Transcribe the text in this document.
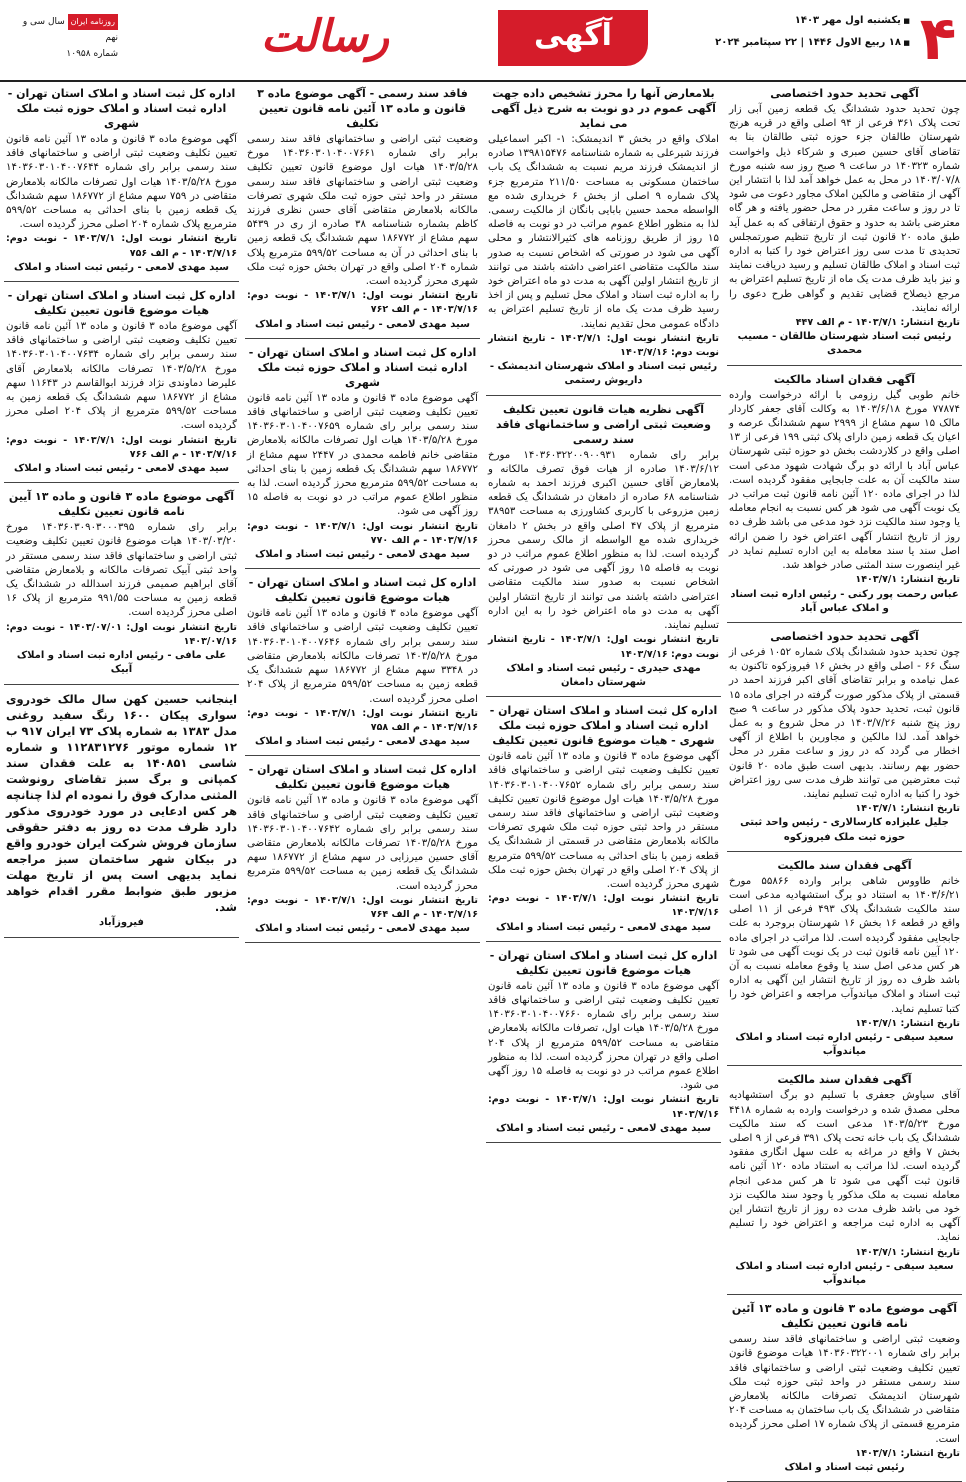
۴
■ یکشنبه اول مهر ۱۴۰۳
■ ۱۸ ربیع الاول ۱۴۴۶ | ۲۲ سپتامبر ۲۰۲۴
آگهی
رسالت
روزنامه ایران سال سی و نهم
شماره ۱۰۹۵۸
آگهی تحدید حدود اختصاصی
چون تحدید حدود ششدانگ یک قطعه زمین آبی زار تحت پلاک ۳۶۱ فرعی از ۹۴ اصلی واقع در قریه هرنج شهرستان طالقان جزء حوزه ثبتی طالقان بنا به تقاضای آقای حسین صبری و شرکاء ذیل واخواست شماره ۱۴۰۳۲۳ در ساعت ۹ صبح روز سه شنبه مورخ ۱۴۰۳/۰۷/۸ در محل به عمل خواهد آمد لذا با انتشار این آگهی از متقاضی و مالکین املاک مجاور دعوت می شود تا در روز و ساعت مقرر در محل حضور یافته و هر گاه معترضی باشد به حدود و حقوق ارتفاقی که به عمل آید طبق ماده ۲۰ قانون ثبت از تاریخ تنظیم صورتمجلس تحدیدی تا مدت سی روز اعتراض خود را کتبا به اداره ثبت اسناد و املاک طالقان تسلیم و رسید دریافت نمایند و نیز باید ظرف مدت یک ماه از تاریخ تسلیم اعتراض به مرجع ذیصلاح قضایی تقدیم و گواهی طرح دعوی را ارائه نمایند.
تاریخ انتشار: ۱۴۰۳/۷/۱ - م الف ۴۴۷
رئیس ثبت اسناد شهرستان طالقان - مسیب محمدی
آگهی فقدان اسناد مالکیت
خانم طوبی گیل رزومی با ارائه درخواست وارده ۷۷۸۷۴ مورخ ۱۴۰۳/۶/۱۸ به وکالت آقای جعفر کاردار مالک ۱۵ سهم مشاع از ۲۹۹۹ سهم ششدانگ عرصه و اعیان یک قطعه زمین دارای پلاک ثبتی ۱۹۹ فرعی از ۱۳ اصلی واقع در کلاردشت بخش دو حوزه ثبتی شهرستان عباس آباد با ارائه دو برگ شهادت شهود مدعی است سند مالکیت آن به علت جابجایی مفقود گردیده است. لذا در اجرای ماده ۱۲۰ آئین نامه قانون ثبت مراتب در یک نوبت آگهی می شود هر کس نسبت به انجام معامله یا وجود سند مالکیت نزد خود مدعی می باشد ظرف ده روز از تاریخ انتشار آگهی اعتراض خود را ضمن ارائه اصل سند یا سند معامله به این اداره تسلیم نماید در غیر اینصورت سند المثنی صادر خواهد شد.
تاریخ انتشار: ۱۴۰۳/۷/۱
عباس رحمت پور رکنی - رئیس اداره ثبت اسناد و املاک عباس آباد
آگهی تحدید حدود اختصاصی
چون تحدید حدود ششدانگ پلاک شماره ۱۰۵۲ فرعی از سنگ ۶۶ - اصلی واقع در بخش ۱۶ فیروزکوه تاکنون به عمل نیامده و برابر تقاضای آقای اکبر فرزند احمد در قسمتی از پلاک مذکور صورت گرفته در اجرای ماده ۱۵ قانون ثبت، تحدید حدود پلاک مذکور در ساعت ۹ صبح روز پنج شنبه ۱۴۰۳/۷/۲۶ در محل شروع و به عمل خواهد آمد. لذا مالکین و مجاورین با اطلاع از آگهی اخطار می گردد که در روز و ساعت مقرر در محل حضور بهم رسانند. بدیهی است طبق ماده ۲۰ قانون ثبت معترضین می توانند ظرف مدت سی روز اعتراض خود را کتبا به اداره ثبت تسلیم نمایند.
تاریخ انتشار: ۱۴۰۳/۷/۱
جلیل علیزاده کارسالاری - رئیس واحد ثبتی حوزه ثبت ملک فیروزکوه
آگهی فقدان سند مالکیت
خانم طاووس شاهی برابر وارده ۵۵۸۶۶ مورخ ۱۴۰۳/۶/۲۱ به استناد دو برگ استشهادیه مدعی است سند مالکیت ششدانگ پلاک ۴۹۳ فرعی از ۱۱ اصلی واقع در قطعه ۱۶ بخش ۱۶ شهرستان بروجرد به علت جابجایی مفقود گردیده است. لذا مراتب در اجرای ماده ۱۲۰ آیین نامه قانون ثبت در یک نوبت آگهی می شود تا هر کس مدعی اصل سند یا وقوع معامله نسبت به آن باشد ظرف ده روز از تاریخ انتشار این آگهی به اداره ثبت اسناد و املاک میاندوآب مراجعه و اعتراض خود را کتبا تسلیم نماید.
تاریخ انتشار: ۱۴۰۳/۷/۱
سعید سیفی - رئیس اداره ثبت اسناد و املاک میاندوآب
آگهی فقدان سند مالکیت
آقای سیاوش جعفری با تسلیم دو برگ استشهادیه محلی مصدق شده و درخواست وارده به شماره ۴۴۱۸ مورخ ۱۴۰۳/۵/۲۳ مدعی است که سند مالکیت ششدانگ یک باب خانه تحت پلاک ۳۹۱ فرعی از ۹ اصلی بخش ۷ واقع در مراغه به علت سهل انگاری مفقود گردیده است. لذا مراتب به استناد ماده ۱۲۰ آئین نامه قانون ثبت آگهی می شود تا هر کس مدعی انجام معامله نسبت به ملک مذکور یا وجود سند مالکیت نزد خود می باشد ظرف مدت ده روز از تاریخ انتشار این آگهی به اداره ثبت مراجعه و اعتراض خود را تسلیم نماید.
تاریخ انتشار: ۱۴۰۳/۷/۱
سعید سیفی - رئیس اداره ثبت اسناد و املاک میاندوآب
آگهی موضوع ماده ۳ قانون و ماده ۱۳ آئین نامه قانون تعیین تکلیف
وضعیت ثبتی اراضی و ساختمانهای فاقد سند رسمی برابر رای شماره ۱۴۰۳۶۰۳۲۲۰۰۱ هیات موضوع قانون تعیین تکلیف وضعیت ثبتی اراضی و ساختمانهای فاقد سند رسمی مستقر در واحد ثبتی حوزه ثبت ملک شهرستان اندیمشک تصرفات مالکانه بلامعارض متقاضی در ششدانگ یک باب ساختمان به مساحت ۲۰۴ مترمربع قسمتی از پلاک شماره ۱۷ اصلی محرز گردیده است.
تاریخ انتشار: ۱۴۰۳/۷/۱
رئیس ثبت اسناد و املاک
بلامعارض آنها را محرز تشخیص داده جهت آگهی عموم در دو نوبت به شرح ذیل آگهی می نماید
املاک واقع در بخش ۳ اندیمشک: ۱- اکبر اسماعیلی فرزند شیرعلی به شماره شناسنامه ۱۳۹۸۱۵۴۷۶ صادره از اندیمشک فرزند مریم نسبت به ششدانگ یک باب ساختمان مسکونی به مساحت ۲۱۱/۵۰ مترمربع جزء پلاک شماره ۹ اصلی از بخش ۶ خریداری شده مع الواسطه محمد حسین بابایی بانگان از مالکیت رسمی. لذا به منظور اطلاع عموم مراتب در دو نوبت به فاصله ۱۵ روز از طریق روزنامه های کثیرالانتشار و محلی آگهی می شود در صورتی که اشخاص نسبت به صدور سند مالکیت متقاضی اعتراضی داشته باشند می توانند از تاریخ انتشار اولین آگهی به مدت دو ماه اعتراض خود را به اداره ثبت اسناد و املاک محل تسلیم و پس از اخذ رسید ظرف مدت یک ماه از تاریخ تسلیم اعتراض به دادگاه عمومی محل تقدیم نمایند.
تاریخ انتشار نوبت اول: ۱۴۰۳/۷/۱ - تاریخ انتشار نوبت دوم: ۱۴۰۳/۷/۱۶
رئیس ثبت اسناد و املاک شهرستان اندیمشک - داریوش رستمی
آگهی نظریه هیات قانون تعیین تکلیف وضعیت ثبتی اراضی و ساختمانهای فاقد سند رسمی
برابر رای شماره ۱۴۰۳۶۰۳۲۲۰۰۹۰۰۹۳۱ مورخ ۱۴۰۳/۶/۱۲ صادره از هیات فوق تصرف مالکانه و بلامعارض آقای حسین اکبری فرزند احمد به شماره شناسنامه ۶۸ صادره از دامغان در ششدانگ یک قطعه زمین مزروعی با کاربری کشاورزی به مساحت ۳۸۹۵۳ مترمربع از پلاک ۴۷ اصلی واقع در بخش ۲ دامغان خریداری شده مع الواسطه از مالک رسمی محرز گردیده است. لذا به منظور اطلاع عموم مراتب در دو نوبت به فاصله ۱۵ روز آگهی می شود در صورتی که اشخاص نسبت به صدور سند مالکیت متقاضی اعتراضی داشته باشند می توانند از تاریخ انتشار اولین آگهی به مدت دو ماه اعتراض خود را به این اداره تسلیم نمایند.
تاریخ انتشار نوبت اول: ۱۴۰۳/۷/۱ - تاریخ انتشار نوبت دوم: ۱۴۰۳/۷/۱۶
مهدی حیدری - رئیس ثبت اسناد و املاک شهرستان دامغان
اداره کل ثبت اسناد و املاک استان تهران - اداره ثبت اسناد و املاک حوزه ثبت ملک شهری - هیات موضوع قانون تعیین تکلیف
آگهی موضوع ماده ۳ قانون و ماده ۱۳ آئین نامه قانون تعیین تکلیف وضعیت ثبتی اراضی و ساختمانهای فاقد سند رسمی برابر رای شماره ۱۴۰۳۶۰۳۰۱۰۴۰۰۷۶۵۲ مورخ ۱۴۰۳/۵/۲۸ هیات اول موضوع قانون تعیین تکلیف وضعیت ثبتی اراضی و ساختمانهای فاقد سند رسمی مستقر در واحد ثبتی حوزه ثبت ملک شهری تصرفات مالکانه بلامعارض متقاضی در قسمتی از ششدانگ یک قطعه زمین با بنای احداثی به مساحت ۵۹۹/۵۲ مترمربع از پلاک ۲۰۴ اصلی واقع در تهران بخش حوزه ثبت ملک شهری محرز گردیده است.
تاریخ انتشار نوبت اول: ۱۴۰۳/۷/۱ - نوبت دوم: ۱۴۰۳/۷/۱۶
سید مهدی لامعی - رئیس ثبت اسناد و املاک
اداره کل ثبت اسناد و املاک استان تهران - هیات موضوع قانون تعیین تکلیف
آگهی موضوع ماده ۳ قانون و ماده ۱۳ آئین نامه قانون تعیین تکلیف وضعیت ثبتی اراضی و ساختمانهای فاقد سند رسمی برابر رای شماره ۱۴۰۳۶۰۳۰۱۰۴۰۰۷۶۶۰ مورخ ۱۴۰۳/۵/۲۸ هیات اول، تصرفات مالکانه بلامعارض متقاضی به مساحت ۵۹۹/۵۲ مترمربع از پلاک ۲۰۴ اصلی واقع در تهران محرز گردیده است. لذا به منظور اطلاع عموم مراتب در دو نوبت به فاصله ۱۵ روز آگهی می شود.
تاریخ انتشار نوبت اول: ۱۴۰۳/۷/۱ - نوبت دوم: ۱۴۰۳/۷/۱۶
سید مهدی لامعی - رئیس ثبت اسناد و املاک
فاقد سند رسمی - آگهی موضوع ماده ۳ قانون و ماده ۱۳ آئین نامه قانون تعیین تکلیف
وضعیت ثبتی اراضی و ساختمانهای فاقد سند رسمی برابر رای شماره ۱۴۰۳۶۰۳۰۱۰۴۰۰۷۶۶۱ مورخ ۱۴۰۳/۵/۲۸ هیات اول موضوع قانون تعیین تکلیف وضعیت ثبتی اراضی و ساختمانهای فاقد سند رسمی مستقر در واحد ثبتی حوزه ثبت ملک شهری تصرفات مالکانه بلامعارض متقاضی آقای حسن نظری فرزند کاظم بشماره شناسنامه ۳۸ صادره از ری در ۵۴۳۹ سهم مشاع از ۱۸۶۷۷۲ سهم ششدانگ یک قطعه زمین با بنای احداثی در آن به مساحت ۵۹۹/۵۲ مترمربع پلاک شماره ۲۰۴ اصلی واقع در تهران بخش حوزه ثبت ملک شهری محرز گردیده است.
تاریخ انتشار نوبت اول: ۱۴۰۳/۷/۱ - نوبت دوم: ۱۴۰۳/۷/۱۶ - م الف ۷۶۲
سید مهدی لامعی - رئیس ثبت اسناد و املاک
اداره کل ثبت اسناد و املاک استان تهران - اداره ثبت اسناد و املاک حوزه ثبت ملک شهری
آگهی موضوع ماده ۳ قانون و ماده ۱۳ آئین نامه قانون تعیین تکلیف وضعیت ثبتی اراضی و ساختمانهای فاقد سند رسمی برابر رای شماره ۱۴۰۳۶۰۳۰۱۰۴۰۰۷۶۵۹ مورخ ۱۴۰۳/۵/۲۸ هیات اول تصرفات مالکانه بلامعارض متقاضی خانم فاطمه محمدی در ۲۴۴۷ سهم مشاع از ۱۸۶۷۷۲ سهم ششدانگ یک قطعه زمین با بنای احداثی به مساحت ۵۹۹/۵۲ مترمربع محرز گردیده است. لذا به منظور اطلاع عموم مراتب در دو نوبت به فاصله ۱۵ روز آگهی می شود.
تاریخ انتشار نوبت اول: ۱۴۰۳/۷/۱ - نوبت دوم: ۱۴۰۳/۷/۱۶ - م الف ۷۷۰
سید مهدی لامعی - رئیس ثبت اسناد و املاک
اداره کل ثبت اسناد و املاک استان تهران - هیات موضوع قانون تعیین تکلیف
آگهی موضوع ماده ۳ قانون و ماده ۱۳ آئین نامه قانون تعیین تکلیف وضعیت ثبتی اراضی و ساختمانهای فاقد سند رسمی برابر رای شماره ۱۴۰۳۶۰۳۰۱۰۴۰۰۷۶۴۶ مورخ ۱۴۰۳/۵/۲۸ تصرفات مالکانه بلامعارض متقاضی در ۳۳۴۸ سهم مشاع از ۱۸۶۷۷۲ سهم ششدانگ یک قطعه زمین به مساحت ۵۹۹/۵۲ مترمربع از پلاک ۲۰۴ اصلی محرز گردیده است.
تاریخ انتشار نوبت اول: ۱۴۰۳/۷/۱ - نوبت دوم: ۱۴۰۳/۷/۱۶ - م الف ۷۵۸
سید مهدی لامعی - رئیس ثبت اسناد و املاک
اداره کل ثبت اسناد و املاک استان تهران - هیات موضوع قانون تعیین تکلیف
آگهی موضوع ماده ۳ قانون و ماده ۱۳ آئین نامه قانون تعیین تکلیف وضعیت ثبتی اراضی و ساختمانهای فاقد سند رسمی برابر رای شماره ۱۴۰۳۶۰۳۰۱۰۴۰۰۷۶۴۲ مورخ ۱۴۰۳/۵/۲۸ تصرفات مالکانه بلامعارض متقاضی آقای حسین میرزایی در سهم مشاع از ۱۸۶۷۷۲ سهم ششدانگ یک قطعه زمین به مساحت ۵۹۹/۵۲ مترمربع محرز گردیده است.
تاریخ انتشار نوبت اول: ۱۴۰۳/۷/۱ - نوبت دوم: ۱۴۰۳/۷/۱۶ - م الف ۷۶۴
سید مهدی لامعی - رئیس ثبت اسناد و املاک
اداره کل ثبت اسناد و املاک استان تهران - اداره ثبت اسناد و املاک حوزه ثبت ملک شهری
آگهی موضوع ماده ۳ قانون و ماده ۱۳ آئین نامه قانون تعیین تکلیف وضعیت ثبتی اراضی و ساختمانهای فاقد سند رسمی برابر رای شماره ۱۴۰۳۶۰۳۰۱۰۴۰۰۷۶۴۴ مورخ ۱۴۰۳/۵/۲۸ هیات اول تصرفات مالکانه بلامعارض متقاضی در ۷۵۹ سهم مشاع از ۱۸۶۷۷۲ سهم ششدانگ یک قطعه زمین با بنای احداثی به مساحت ۵۹۹/۵۲ مترمربع پلاک شماره ۲۰۴ اصلی محرز گردیده است.
تاریخ انتشار نوبت اول: ۱۴۰۳/۷/۱ - نوبت دوم: ۱۴۰۳/۷/۱۶ - م الف ۷۵۶
سید مهدی لامعی - رئیس ثبت اسناد و املاک
اداره کل ثبت اسناد و املاک استان تهران - هیات موضوع قانون تعیین تکلیف
آگهی موضوع ماده ۳ قانون و ماده ۱۳ آئین نامه قانون تعیین تکلیف وضعیت ثبتی اراضی و ساختمانهای فاقد سند رسمی برابر رای شماره ۱۴۰۳۶۰۳۰۱۰۴۰۰۷۶۳۴ مورخ ۱۴۰۳/۵/۲۸ تصرفات مالکانه بلامعارض آقای علیرضا دماوندی نژاد فرزند ابوالقاسم در ۱۱۶۴۳ سهم مشاع از ۱۸۶۷۷۲ سهم ششدانگ یک قطعه زمین به مساحت ۵۹۹/۵۲ مترمربع از پلاک ۲۰۴ اصلی محرز گردیده است.
تاریخ انتشار نوبت اول: ۱۴۰۳/۷/۱ - نوبت دوم: ۱۴۰۳/۷/۱۶ - م الف ۷۶۶
سید مهدی لامعی - رئیس ثبت اسناد و املاک
آگهی موضوع ماده ۳ قانون و ماده ۱۳ آیین نامه قانون تعیین تکلیف
برابر رای شماره ۱۴۰۳۶۰۳۰۹۰۳۰۰۰۳۹۵ مورخ ۱۴۰۳/۰۳/۲۰ هیات موضوع قانون تعیین تکلیف وضعیت ثبتی اراضی و ساختمانهای فاقد سند رسمی مستقر در واحد ثبتی آبیک تصرفات مالکانه و بلامعارض متقاضی آقای ابراهیم صمیمی فرزند اسدالله در ششدانگ یک قطعه زمین به مساحت ۹۹۱/۵۵ مترمربع از پلاک ۱۶ اصلی محرز گردیده است.
تاریخ انتشار نوبت اول: ۱۴۰۳/۰۷/۰۱ - نوبت دوم: ۱۴۰۳/۰۷/۱۶
علی مافی - رئیس اداره ثبت اسناد و املاک آبیک
اینجانب حسین کهن سال مالک خودروی سواری پیکان ۱۶۰۰ رنگ سفید روغنی مدل ۱۳۸۳ به شماره پلاک ۷۳ ایران ۹۱۷ ب ۱۲ شماره موتور ۱۱۲۸۳۱۲۷۶ و شماره شاسی ۱۴۰۸۵۱ به علت فقدان سند کمپانی و برگ سبز تقاضای رونوشت المثنی مدارک فوق را نموده ام لذا چنانچه هر کس ادعایی در مورد خودروی مذکور دارد ظرف مدت ده روز به دفتر حقوقی سازمان فروش شرکت ایران خودرو واقع در بیکان شهر ساختمان سبز مراجعه نماید بدیهی است پس از تاریخ مهلت مزبور طبق ضوابط مقرر اقدام خواهد شد.
فیروزآباد
